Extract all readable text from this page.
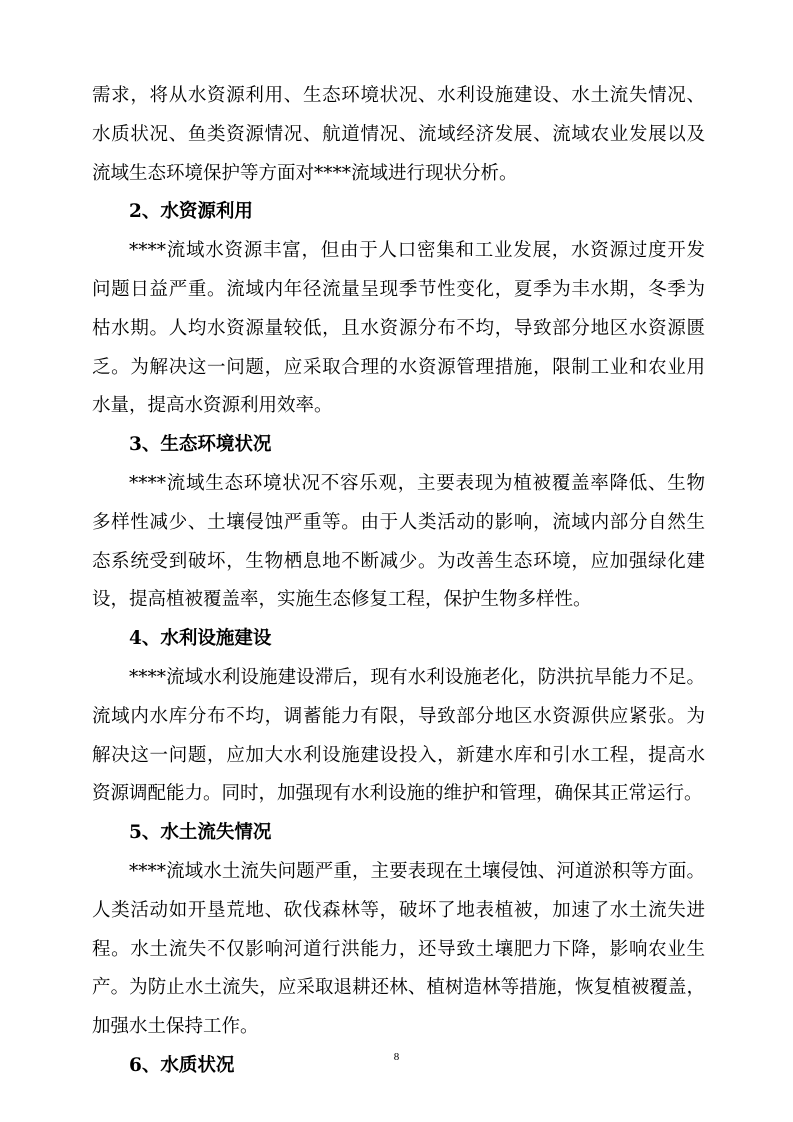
需求，将从水资源利用、生态环境状况、水利设施建设、水土流失情况、
水质状况、鱼类资源情况、航道情况、流域经济发展、流域农业发展以及
流域生态环境保护等方面对****流域进行现状分析。
2、水资源利用
****流域水资源丰富，但由于人口密集和工业发展，水资源过度开发
问题日益严重。流域内年径流量呈现季节性变化，夏季为丰水期，冬季为
枯水期。人均水资源量较低，且水资源分布不均，导致部分地区水资源匮
乏。为解决这一问题，应采取合理的水资源管理措施，限制工业和农业用
水量，提高水资源利用效率。
3、生态环境状况
****流域生态环境状况不容乐观，主要表现为植被覆盖率降低、生物
多样性减少、土壤侵蚀严重等。由于人类活动的影响，流域内部分自然生
态系统受到破坏，生物栖息地不断减少。为改善生态环境，应加强绿化建
设，提高植被覆盖率，实施生态修复工程，保护生物多样性。
4、水利设施建设
****流域水利设施建设滞后，现有水利设施老化，防洪抗旱能力不足。
流域内水库分布不均，调蓄能力有限，导致部分地区水资源供应紧张。为
解决这一问题，应加大水利设施建设投入，新建水库和引水工程，提高水
资源调配能力。同时，加强现有水利设施的维护和管理，确保其正常运行。
5、水土流失情况
****流域水土流失问题严重，主要表现在土壤侵蚀、河道淤积等方面。
人类活动如开垦荒地、砍伐森林等，破坏了地表植被，加速了水土流失进
程。水土流失不仅影响河道行洪能力，还导致土壤肥力下降，影响农业生
产。为防止水土流失，应采取退耕还林、植树造林等措施，恢复植被覆盖，
加强水土保持工作。
6、水质状况	8
